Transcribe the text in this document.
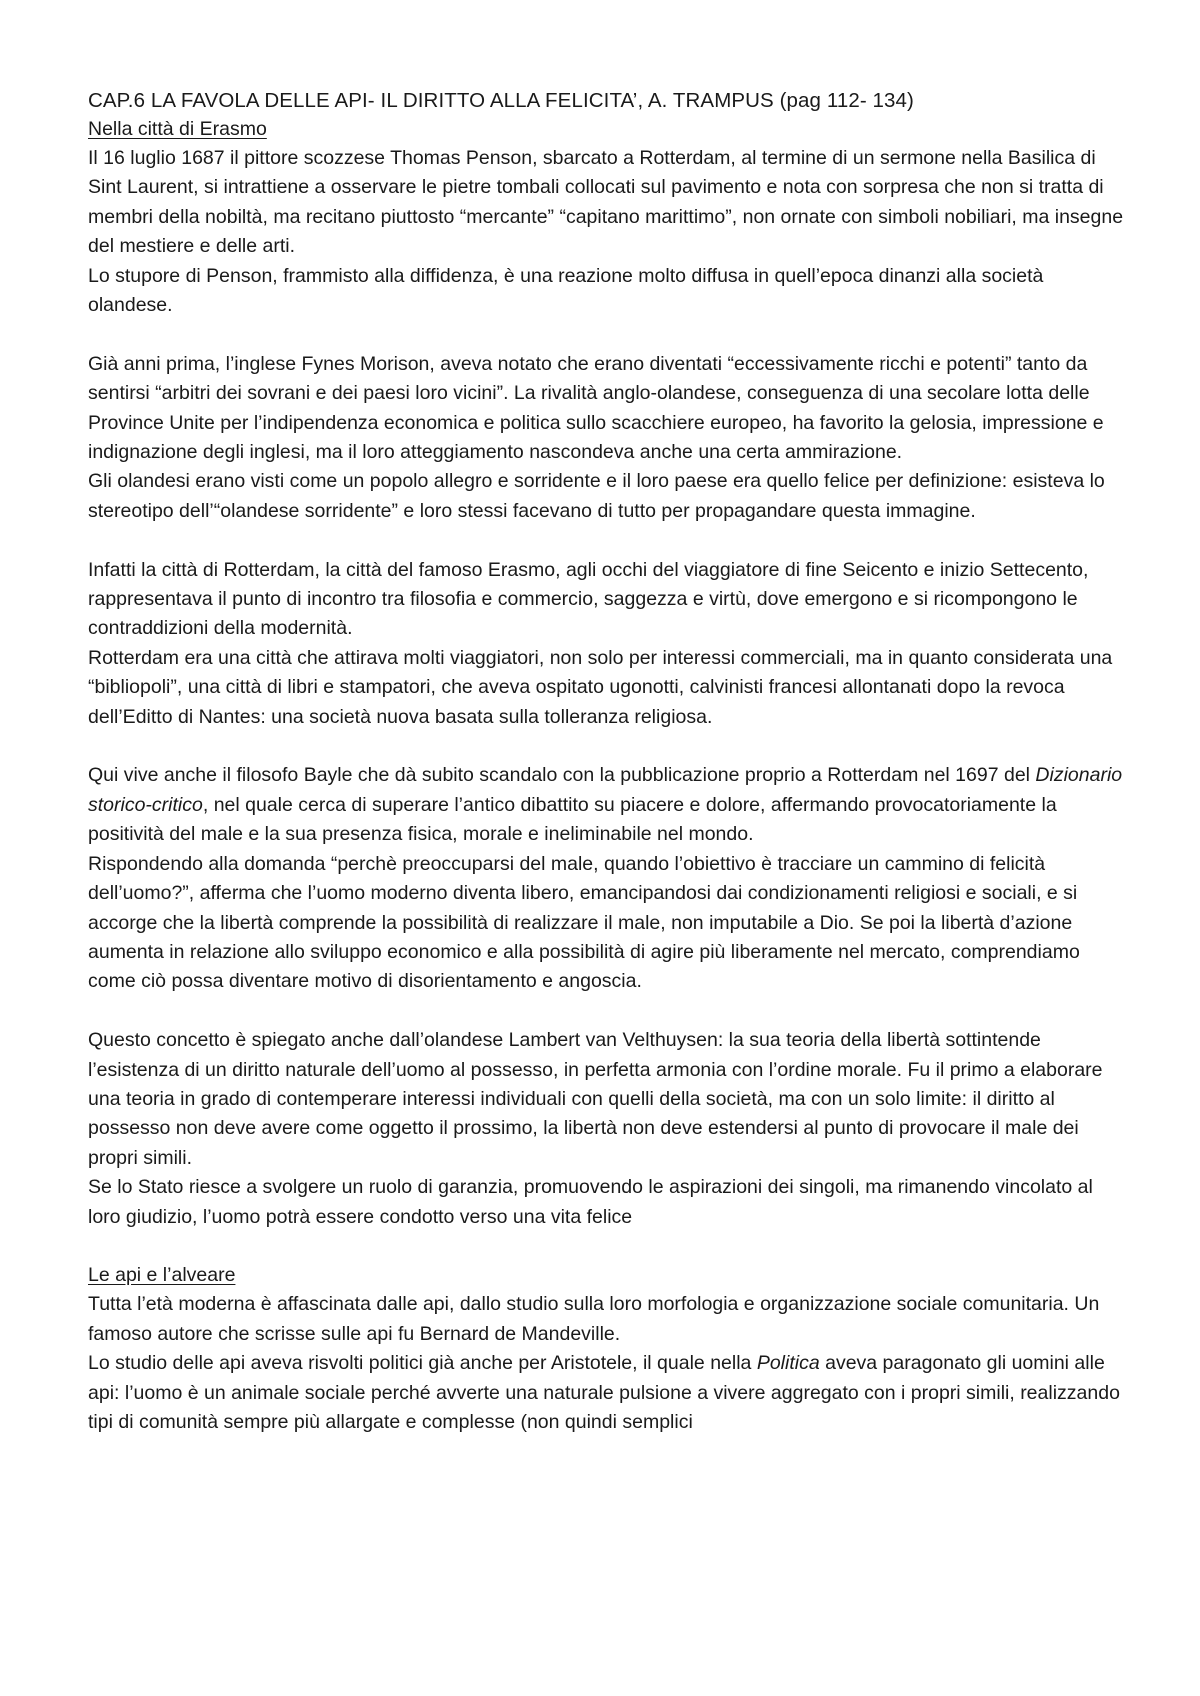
CAP.6 LA FAVOLA DELLE API- IL DIRITTO ALLA FELICITA’, A. TRAMPUS (pag 112- 134)
Nella città di Erasmo

Il 16 luglio 1687 il pittore scozzese Thomas Penson, sbarcato a Rotterdam, al termine di un sermone nella Basilica di Sint Laurent, si intrattiene a osservare le pietre tombali collocati sul pavimento e nota con sorpresa che non si tratta di membri della nobiltà, ma recitano piuttosto “mercante” “capitano marittimo”, non ornate con simboli nobiliari, ma insegne del mestiere e delle arti.

Lo stupore di Penson, frammisto alla diffidenza, è una reazione molto diffusa in quell’epoca dinanzi alla società olandese.

Già anni prima, l’inglese Fynes Morison, aveva notato che erano diventati “eccessivamente ricchi e potenti” tanto da sentirsi “arbitri dei sovrani e dei paesi loro vicini”. La rivalità anglo-olandese, conseguenza di una secolare lotta delle Province Unite per l’indipendenza economica e politica sullo scacchiere europeo, ha favorito la gelosia, impressione e indignazione degli inglesi, ma il loro atteggiamento nascondeva anche una certa ammirazione.

Gli olandesi erano visti come un popolo allegro e sorridente e il loro paese era quello felice per definizione: esisteva lo stereotipo dell’“olandese sorridente” e loro stessi facevano di tutto per propagandare questa immagine.

Infatti la città di Rotterdam, la città del famoso Erasmo, agli occhi del viaggiatore di fine Seicento e inizio Settecento, rappresentava il punto di incontro tra filosofia e commercio, saggezza e virtù, dove emergono e si ricompongono le contraddizioni della modernità.

Rotterdam era una città che attirava molti viaggiatori, non solo per interessi commerciali, ma in quanto considerata una “bibliopoli”, una città di libri e stampatori, che aveva ospitato ugonotti, calvinisti francesi allontanati dopo la revoca dell’Editto di Nantes: una società nuova basata sulla tolleranza religiosa.

Qui vive anche il filosofo Bayle che dà subito scandalo con la pubblicazione proprio a Rotterdam nel 1697 del Dizionario storico-critico, nel quale cerca di superare l’antico dibattito su piacere e dolore, affermando provocatoriamente la positività del male e la sua presenza fisica, morale e ineliminabile nel mondo.

Rispondendo alla domanda “perchè preoccuparsi del male, quando l’obiettivo è tracciare un cammino di felicità dell’uomo?”, afferma che l’uomo moderno diventa libero, emancipandosi dai condizionamenti religiosi e sociali, e si accorge che la libertà comprende la possibilità di realizzare il male, non imputabile a Dio. Se poi la libertà d’azione aumenta in relazione allo sviluppo economico e alla possibilità di agire più liberamente nel mercato, comprendiamo come ciò possa diventare motivo di disorientamento e angoscia.

Questo concetto è spiegato anche dall’olandese Lambert van Velthuysen: la sua teoria della libertà sottintende l’esistenza di un diritto naturale dell’uomo al possesso, in perfetta armonia con l’ordine morale. Fu il primo a elaborare una teoria in grado di contemperare interessi individuali con quelli della società, ma con un solo limite: il diritto al possesso non deve avere come oggetto il prossimo, la libertà non deve estendersi al punto di provocare il male dei propri simili.

Se lo Stato riesce a svolgere un ruolo di garanzia, promuovendo le aspirazioni dei singoli, ma rimanendo vincolato al loro giudizio, l’uomo potrà essere condotto verso una vita felice

Le api e l’alveare

Tutta l’età moderna è affascinata dalle api, dallo studio sulla loro morfologia e organizzazione sociale comunitaria. Un famoso autore che scrisse sulle api fu Bernard de Mandeville.

Lo studio delle api aveva risvolti politici già anche per Aristotele, il quale nella Politica aveva paragonato gli uomini alle api: l’uomo è un animale sociale perché avverte una naturale pulsione a vivere aggregato con i propri simili, realizzando tipi di comunità sempre più allargate e complesse (non quindi semplici
